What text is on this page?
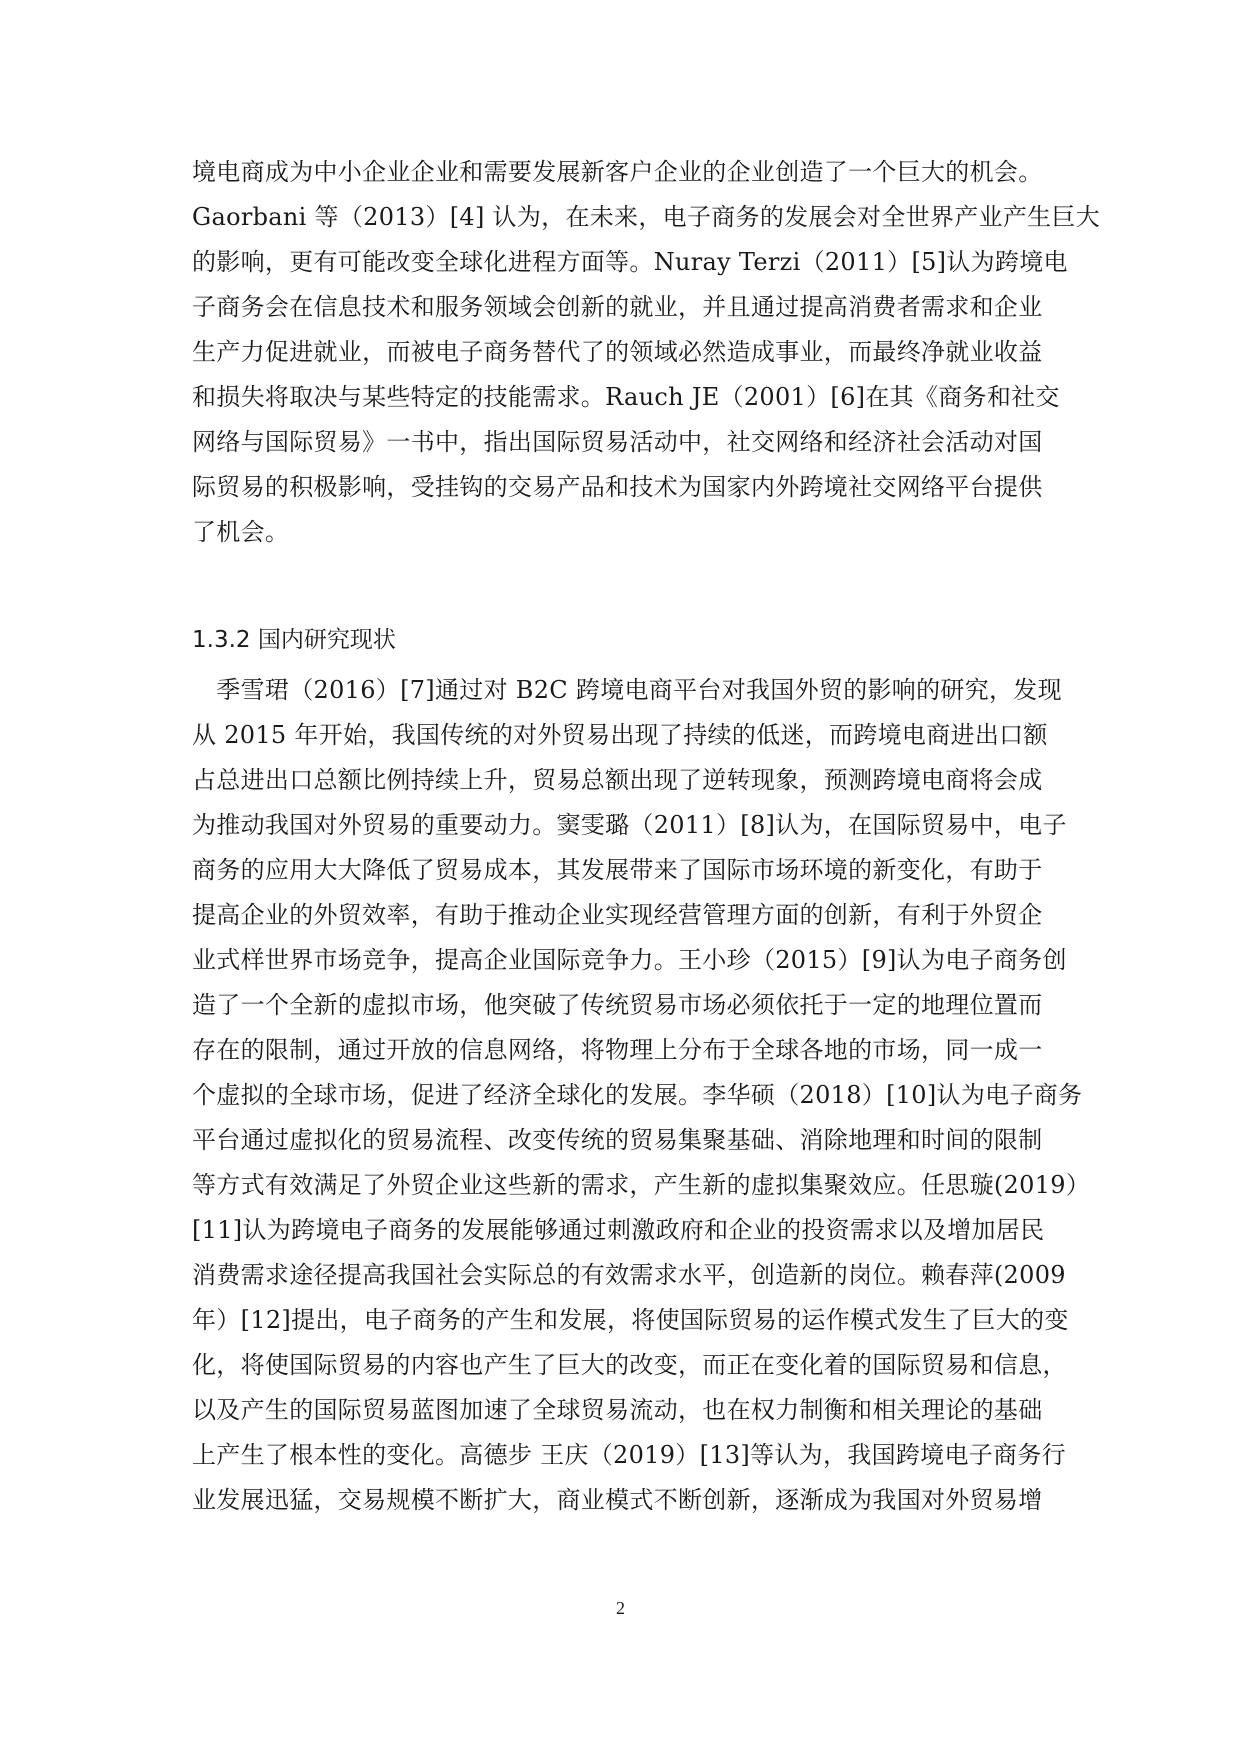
境电商成为中小企业企业和需要发展新客户企业的企业创造了一个巨大的机会。
Gaorbani 等（2013）[4] 认为，在未来，电子商务的发展会对全世界产业产生巨大
的影响，更有可能改变全球化进程方面等。Nuray Terzi（2011）[5]认为跨境电
子商务会在信息技术和服务领域会创新的就业，并且通过提高消费者需求和企业
生产力促进就业，而被电子商务替代了的领域必然造成事业，而最终净就业收益
和损失将取决与某些特定的技能需求。Rauch JE（2001）[6]在其《商务和社交
网络与国际贸易》一书中，指出国际贸易活动中，社交网络和经济社会活动对国
际贸易的积极影响，受挂钩的交易产品和技术为国家内外跨境社交网络平台提供
了机会。
1.3.2 国内研究现状
　季雪珺（2016）[7]通过对 B2C 跨境电商平台对我国外贸的影响的研究，发现
从 2015 年开始，我国传统的对外贸易出现了持续的低迷，而跨境电商进出口额
占总进出口总额比例持续上升，贸易总额出现了逆转现象，预测跨境电商将会成
为推动我国对外贸易的重要动力。窦雯璐（2011）[8]认为，在国际贸易中，电子
商务的应用大大降低了贸易成本，其发展带来了国际市场环境的新变化，有助于
提高企业的外贸效率，有助于推动企业实现经营管理方面的创新，有利于外贸企
业式样世界市场竞争，提高企业国际竞争力。王小珍（2015）[9]认为电子商务创
造了一个全新的虚拟市场，他突破了传统贸易市场必须依托于一定的地理位置而
存在的限制，通过开放的信息网络，将物理上分布于全球各地的市场，同一成一
个虚拟的全球市场，促进了经济全球化的发展。李华硕（2018）[10]认为电子商务
平台通过虚拟化的贸易流程、改变传统的贸易集聚基础、消除地理和时间的限制
等方式有效满足了外贸企业这些新的需求，产生新的虚拟集聚效应。任思璇(2019）
[11]认为跨境电子商务的发展能够通过刺激政府和企业的投资需求以及增加居民
消费需求途径提高我国社会实际总的有效需求水平，创造新的岗位。赖春萍(2009
年）[12]提出，电子商务的产生和发展，将使国际贸易的运作模式发生了巨大的变
化，将使国际贸易的内容也产生了巨大的改变，而正在变化着的国际贸易和信息，
以及产生的国际贸易蓝图加速了全球贸易流动，也在权力制衡和相关理论的基础
上产生了根本性的变化。高德步 王庆（2019）[13]等认为，我国跨境电子商务行
业发展迅猛，交易规模不断扩大，商业模式不断创新，逐渐成为我国对外贸易增
2
